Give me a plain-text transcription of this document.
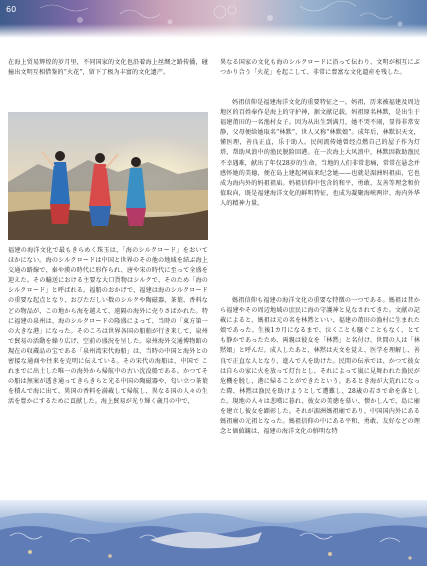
60
在海上贸易辉煌的岁月里，不同国家的文化也沿着海上丝绸之路传播，碰撞出文明互相借鉴的“火花”，留下了极为丰富的文化遗产。
福建の海洋文化で最もきらめく珠玉は、「海のシルクロード」をおいてほかにない。海のシルクロードは中国と世界のその他の地域を結ぶ海上交通の路線で、秦や漢の時代に形作られ、唐や宋の時代に至って全盛を迎えた。その輸送における主要な大口貨物はシルクで、そのため「海のシルクロード」と呼ばれる。福船のおかげで、福建は海のシルクロードの重要な起点となり、おびただしい数のシルクや陶磁器、茶葉、香料などの物品が、この地から海を越えて、遠隔の海外に売りさばかれた。特に福建の泉州は、海のシルクロードの隆盛によって、当時の「東方第一の大きな港」になった。そのころは世界各国の船舶が行き来して、泉州で貿易の活動を繰り広げ、空前の盛況を呈した。泉州海外交通博物館の現在の収蔵品の宝である「泉州湾宋代海船」は、当時の中国と海外との密接な通商や往来を克明に伝えている。その宋代の海船は、中国で これまでに出土した唯一の海外から帰航中の古い沈没船である。かつてその船は無案が透き通ってきらきらと光る中国の陶磁器や、匂い立つ茶葉を積んで海に出て、異国の香料を満載して帰航し、異なる国の人々の生活を豊かにするために貢献した。海上貿易が光り輝く歳月の中で、
異なる国家の文化も海のシルクロードに沿って伝わり、文明が相互にぶつかり合う「火花」を起こして、非常に豊富な文化遺産を残した。
妈祖信仰是福建海洋文化的重要特征之一。妈祖，历来被福建及周边地区的百姓奉作是海上的守护神，据文献记载，妈祖原名林默，是出生于福建莆田的一名渔村女子。因为从出生到满月，她不哭不闹，显得非常安静，父母便给她取名“林默”，世人又称“林默娘”。成年后，林默识天文，懂医理，善良正直，乐于助人。民间流传她曾经点燃自己的屋子作为灯塔，帮助风浪中的渔民脱险回港。在一次海上大风浪中，林默因救助渔民不幸遇难，献出了年仅28岁的生命。当地的人们非常悲痛，常常在悬念并感怀她的美德，便在岛上建起祠庙来纪念她——也就是湄洲妈祖庙，它也成为海内外的妈祖祖庙。妈祖信仰中包含的和平、勇敢、友善等理念和价值取向，既是福建海洋文化的鲜明特征，也成为凝聚海峡两岸、海内外华人的精神力量。
媽祖信仰も福建の海洋文化の重要な特徴の一つである。媽祖は昔から福建やその周辺地域の庶民に海の守護神と見なされてきた。文献の記載によると、媽祖は元の名を林黙といい、福建の莆田の漁村に生まれた娘であった。生後1カ月になるまで、泣くことも騒ぐこともなく、とても静かであったため、両親は彼女を「林黙」と名付け、世間の人は「林黙娘」と呼んだ。成人したあと、林黙は天文を覚え、医学を理解し、善良で正直な人となり、進んで人を助けた。民間の伝承では、かつて彼女は自らの家に火を放って灯台とし、それによって嵐に見舞われた漁民が危機を脱し、港に帰ることができたという。あるとき海が大荒れになった際、林黙は漁民を助けようとして遭難し、28歳の若さで命を落とした。現地の人々は悲嘆に暮れ、彼女の美徳を慕い、懐かしんで、島に廟を建立し彼女を顕彰した。それが湄洲媽祖廟であり、中国国内外にある媽祖廟の元祖となった。媽祖信仰の中にある平和、勇敢、友好などの理念と価値観は、福建の海洋文化の鮮明な特
